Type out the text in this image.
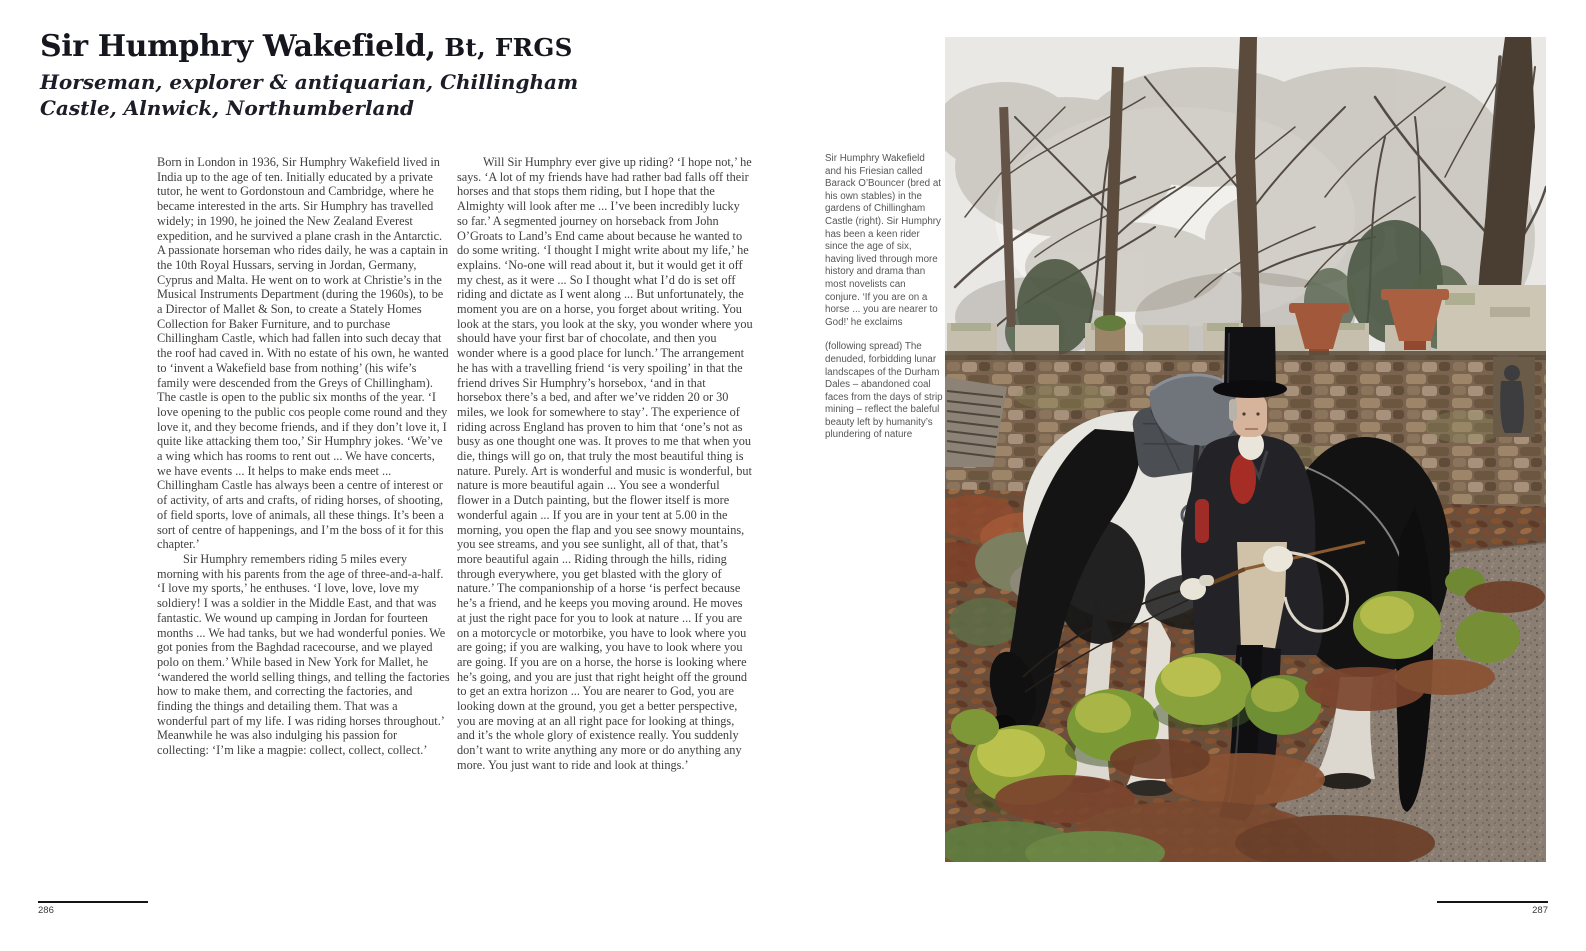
Sir Humphry Wakefield, Bt, FRGS

Horseman, explorer & antiquarian, Chillingham Castle, Alnwick, Northumberland

Born in London in 1936, Sir Humphry Wakefield lived in India up to the age of ten. Initially educated by a private tutor, he went to Gordonstoun and Cambridge, where he became interested in the arts. Sir Humphry has travelled widely; in 1990, he joined the New Zealand Everest expedition, and he survived a plane crash in the Antarctic. A passionate horseman who rides daily, he was a captain in the 10th Royal Hussars, serving in Jordan, Germany, Cyprus and Malta. He went on to work at Christie’s in the Musical Instruments Department (during the 1960s), to be a Director of Mallet & Son, to create a Stately Homes Collection for Baker Furniture, and to purchase Chillingham Castle, which had fallen into such decay that the roof had caved in. With no estate of his own, he wanted to ‘invent a Wakefield base from nothing’ (his wife’s family were descended from the Greys of Chillingham). The castle is open to the public six months of the year. ‘I love opening to the public cos people come round and they love it, and they become friends, and if they don’t love it, I quite like attacking them too,’ Sir Humphry jokes. ‘We’ve a wing which has rooms to rent out ... We have concerts, we have events ... It helps to make ends meet ... Chillingham Castle has always been a centre of interest or of activity, of arts and crafts, of riding horses, of shooting, of field sports, love of animals, all these things. It’s been a sort of centre of happenings, and I’m the boss of it for this chapter.’

Sir Humphry remembers riding 5 miles every morning with his parents from the age of three-and-a-half. ‘I love my sports,’ he enthuses. ‘I love, love, love my soldiery! I was a soldier in the Middle East, and that was fantastic. We wound up camping in Jordan for fourteen months ... We had tanks, but we had wonderful ponies. We got ponies from the Baghdad racecourse, and we played polo on them.’ While based in New York for Mallet, he ‘wandered the world selling things, and telling the factories how to make them, and correcting the factories, and finding the things and detailing them. That was a wonderful part of my life. I was riding horses throughout.’ Meanwhile he was also indulging his passion for collecting: ‘I’m like a magpie: collect, collect, collect.’

Will Sir Humphry ever give up riding? ‘I hope not,’ he says. ‘A lot of my friends have had rather bad falls off their horses and that stops them riding, but I hope that the Almighty will look after me ... I’ve been incredibly lucky so far.’ A segmented journey on horseback from John O’Groats to Land’s End came about because he wanted to do some writing. ‘I thought I might write about my life,’ he explains. ‘No-one will read about it, but it would get it off my chest, as it were ... So I thought what I’d do is set off riding and dictate as I went along ... But unfortunately, the moment you are on a horse, you forget about writing. You look at the stars, you look at the sky, you wonder where you should have your first bar of chocolate, and then you wonder where is a good place for lunch.’ The arrangement he has with a travelling friend ‘is very spoiling’ in that the friend drives Sir Humphry’s horsebox, ‘and in that horsebox there’s a bed, and after we’ve ridden 20 or 30 miles, we look for somewhere to stay’. The experience of riding across England has proven to him that ‘one’s not as busy as one thought one was. It proves to me that when you die, things will go on, that truly the most beautiful thing is nature. Purely. Art is wonderful and music is wonderful, but nature is more beautiful again ... You see a wonderful flower in a Dutch painting, but the flower itself is more wonderful again ... If you are in your tent at 5.00 in the morning, you open the flap and you see snowy mountains, you see streams, and you see sunlight, all of that, that’s more beautiful again ... Riding through the hills, riding through everywhere, you get blasted with the glory of nature.’ The companionship of a horse ‘is perfect because he’s a friend, and he keeps you moving around. He moves at just the right pace for you to look at nature ... If you are on a motorcycle or motorbike, you have to look where you are going; if you are walking, you have to look where you are going. If you are on a horse, the horse is looking where he’s going, and you are just that right height off the ground to get an extra horizon ... You are nearer to God, you are looking down at the ground, you get a better perspective, you are moving at an all right pace for looking at things, and it’s the whole glory of existence really. You suddenly don’t want to write anything any more or do anything any more. You just want to ride and look at things.’

Sir Humphry Wakefield and his Friesian called Barack O’Bouncer (bred at his own stables) in the gardens of Chillingham Castle (right). Sir Humphry has been a keen rider since the age of six, having lived through more history and drama than most novelists can conjure. ‘If you are on a horse ... you are nearer to God!’ he exclaims

(following spread) The denuded, forbidding lunar landscapes of the Durham Dales – abandoned coal faces from the days of strip mining – reflect the baleful beauty left by humanity’s plundering of nature

286	287
